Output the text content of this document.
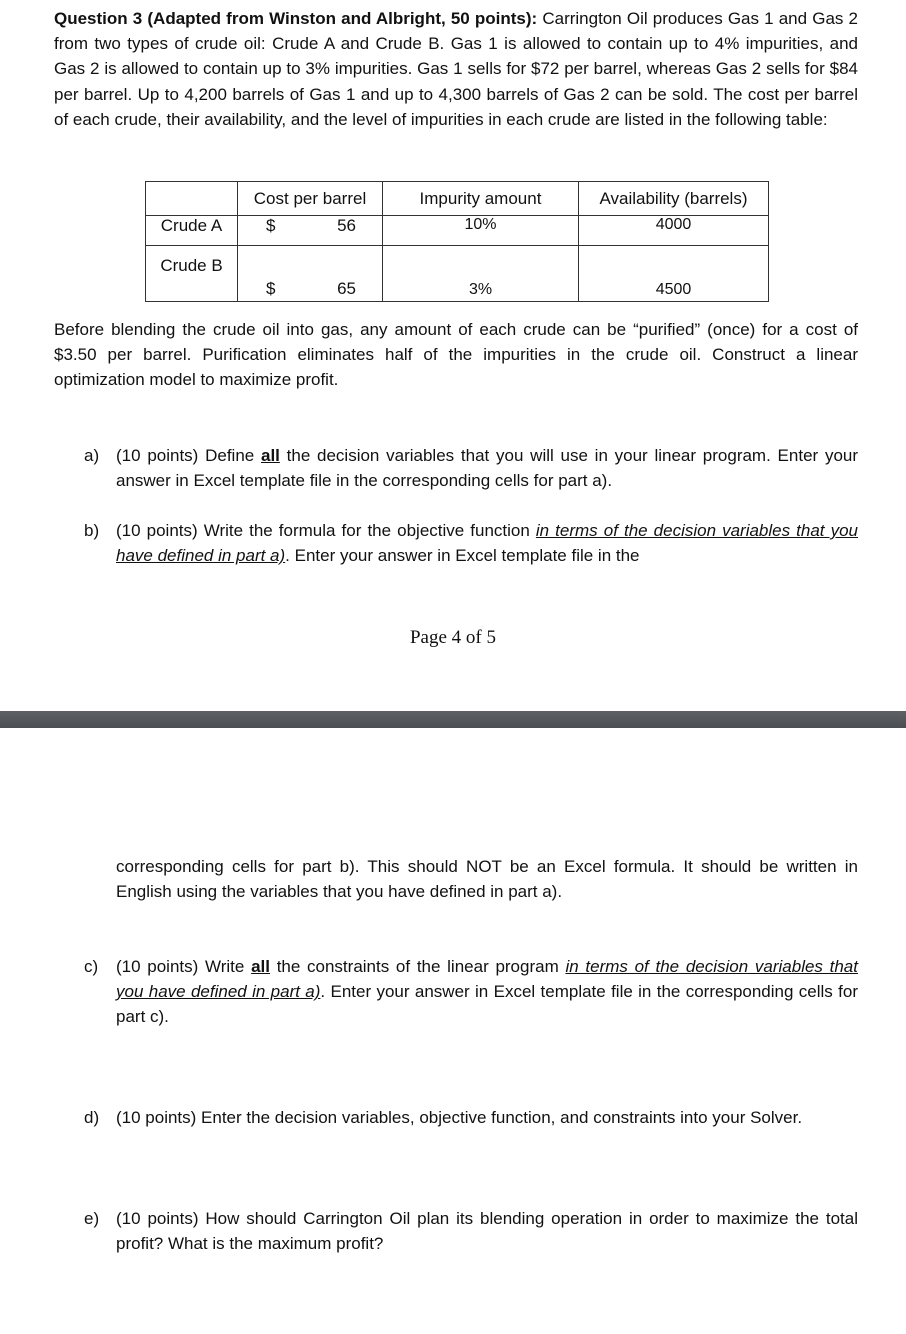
Question 3 (Adapted from Winston and Albright, 50 points): Carrington Oil produces Gas 1 and Gas 2 from two types of crude oil: Crude A and Crude B. Gas 1 is allowed to contain up to 4% impurities, and Gas 2 is allowed to contain up to 3% impurities. Gas 1 sells for $72 per barrel, whereas Gas 2 sells for $84 per barrel. Up to 4,200 barrels of Gas 1 and up to 4,300 barrels of Gas 2 can be sold. The cost per barrel of each crude, their availability, and the level of impurities in each crude are listed in the following table:
	Cost per barrel	Impurity amount	Availability (barrels)
Crude A	$ 56	10%	4000
Crude B	$ 65	3%	4500
Before blending the crude oil into gas, any amount of each crude can be “purified” (once) for a cost of $3.50 per barrel. Purification eliminates half of the impurities in the crude oil. Construct a linear optimization model to maximize profit.
a) (10 points) Define all the decision variables that you will use in your linear program. Enter your answer in Excel template file in the corresponding cells for part a).
b) (10 points) Write the formula for the objective function in terms of the decision variables that you have defined in part a). Enter your answer in Excel template file in the
Page 4 of 5
corresponding cells for part b). This should NOT be an Excel formula. It should be written in English using the variables that you have defined in part a).
c) (10 points) Write all the constraints of the linear program in terms of the decision variables that you have defined in part a). Enter your answer in Excel template file in the corresponding cells for part c).
d) (10 points) Enter the decision variables, objective function, and constraints into your Solver.
e) (10 points) How should Carrington Oil plan its blending operation in order to maximize the total profit? What is the maximum profit?
